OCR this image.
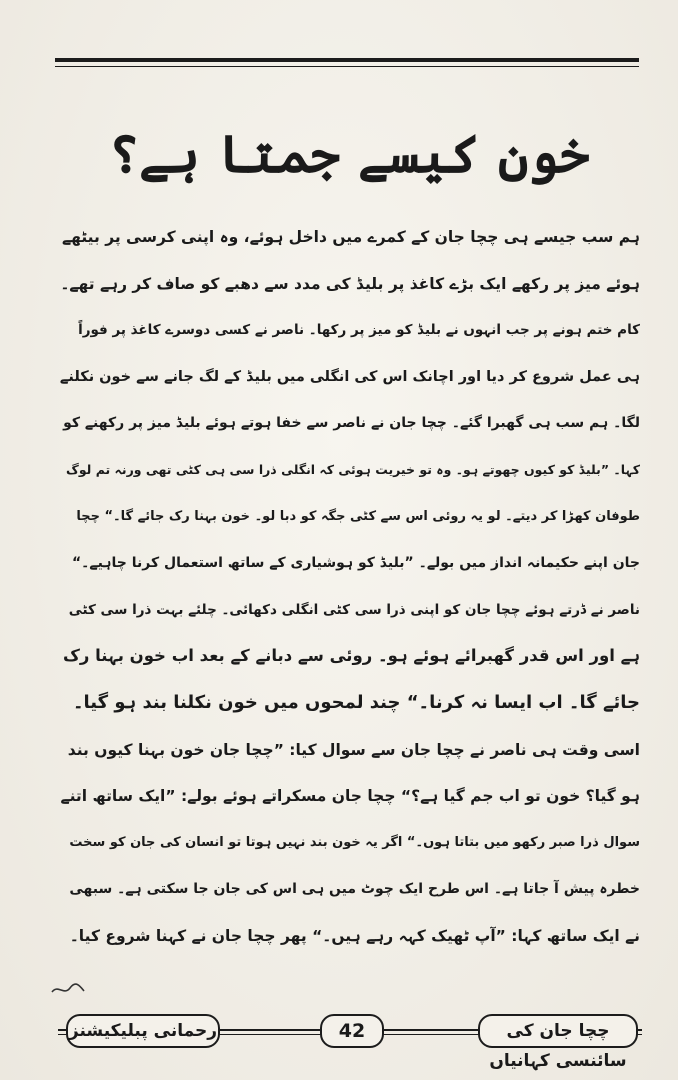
خون کیسے جمتا ہے؟
ہم سب جیسے ہی چچا جان کے کمرے میں داخل ہوئے، وہ اپنی کرسی پر بیٹھے
ہوئے میز پر رکھے ایک بڑے کاغذ پر بلیڈ کی مدد سے دھبے کو صاف کر رہے تھے۔
کام ختم ہونے پر جب انہوں نے بلیڈ کو میز پر رکھا۔ ناصر نے کسی دوسرے کاغذ پر فوراً
ہی عمل شروع کر دیا اور اچانک اس کی انگلی میں بلیڈ کے لگ جانے سے خون نکلنے
لگا۔ ہم سب ہی گھبرا گئے۔ چچا جان نے ناصر سے خفا ہوتے ہوئے بلیڈ میز پر رکھنے کو
کہا۔ ”بلیڈ کو کیوں چھوتے ہو۔ وہ تو خیریت ہوئی کہ انگلی ذرا سی ہی کٹی تھی ورنہ تم لوگ
طوفان کھڑا کر دیتے۔ لو یہ روئی اس سے کٹی جگہ کو دبا لو۔ خون بہنا رک جائے گا۔“ چچا
جان اپنے حکیمانہ انداز میں بولے۔ ”بلیڈ کو ہوشیاری کے ساتھ استعمال کرنا چاہیے۔“
ناصر نے ڈرتے ہوئے چچا جان کو اپنی ذرا سی کٹی انگلی دکھائی۔ چلئے بہت ذرا سی کٹی
ہے اور اس قدر گھبرائے ہوئے ہو۔ روئی سے دبانے کے بعد اب خون بہنا رک
جائے گا۔ اب ایسا نہ کرنا۔“ چند لمحوں میں خون نکلنا بند ہو گیا۔
اسی وقت ہی ناصر نے چچا جان سے سوال کیا: ”چچا جان خون بہنا کیوں بند
ہو گیا؟ خون تو اب جم گیا ہے؟“ چچا جان مسکراتے ہوئے بولے: ”ایک ساتھ اتنے
سوال ذرا صبر رکھو میں بتاتا ہوں۔“ اگر یہ خون بند نہیں ہوتا تو انسان کی جان کو سخت
خطرہ پیش آ جاتا ہے۔ اس طرح ایک چوٹ میں ہی اس کی جان جا سکتی ہے۔ سبھی
نے ایک ساتھ کہا: ”آپ ٹھیک کہہ رہے ہیں۔“ پھر چچا جان نے کہنا شروع کیا۔
رحمانی پبلیکیشنز	42	چچا جان کی سائنسی کہانیاں
